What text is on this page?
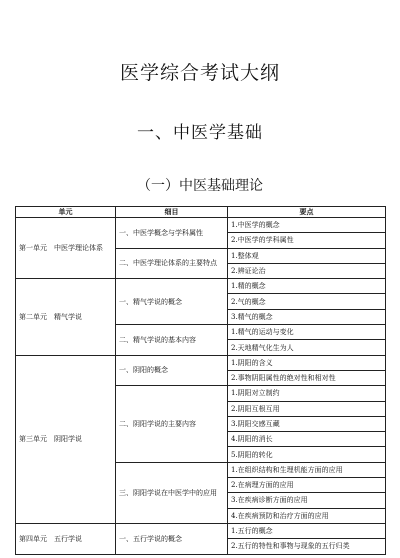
医学综合考试大纲
一、中医学基础
（一）中医基础理论
单元	细目	要点
第一单元　中医学理论体系	一、中医学概念与学科属性	1.中医学的概念
		2.中医学的学科属性
	二、中医学理论体系的主要特点	1.整体观
		2.辨证论治
第二单元　精气学说	一、精气学说的概念	1.精的概念
		2.气的概念
		3.精气的概念
	二、精气学说的基本内容	1.精气的运动与变化
		2.天地精气化生为人
第三单元　阴阳学说	一、阴阳的概念	1.阴阳的含义
		2.事物阴阳属性的绝对性和相对性
	二、阴阳学说的主要内容	1.阴阳对立制约
		2.阴阳互根互用
		3.阴阳交感互藏
		4.阴阳的消长
		5.阴阳的转化
	三、阴阳学说在中医学中的应用	1.在组织结构和生理机能方面的应用
		2.在病理方面的应用
		3.在疾病诊断方面的应用
		4.在疾病预防和治疗方面的应用
第四单元　五行学说	一、五行学说的概念	1.五行的概念
		2.五行的特性和事物与现象的五行归类
